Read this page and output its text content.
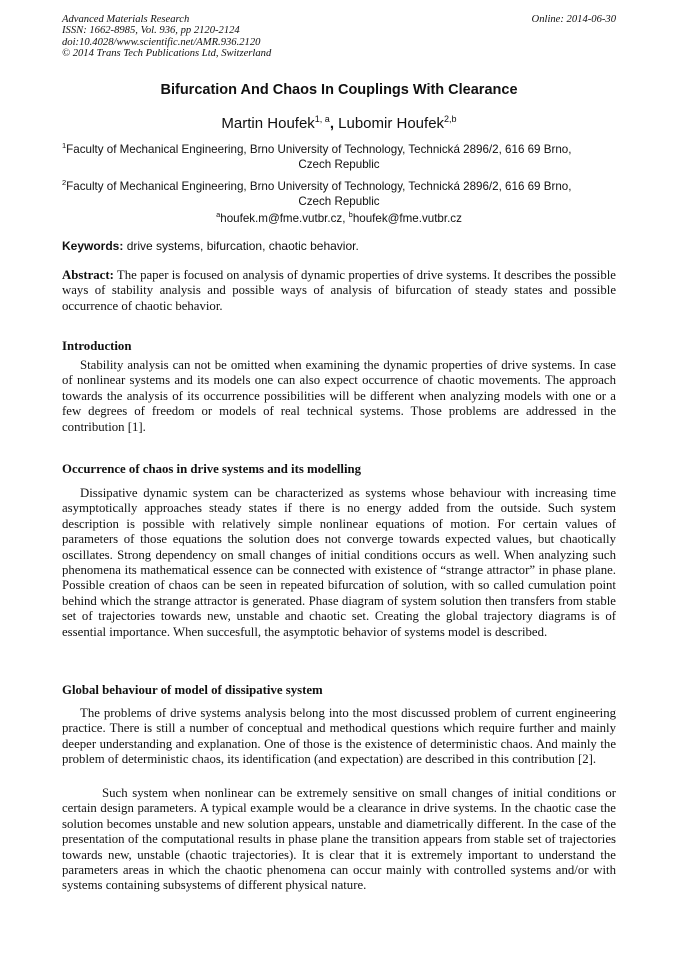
Advanced Materials Research
ISSN: 1662-8985, Vol. 936, pp 2120-2124
doi:10.4028/www.scientific.net/AMR.936.2120
© 2014 Trans Tech Publications Ltd, Switzerland
Online: 2014-06-30
Bifurcation And Chaos In Couplings With Clearance
Martin Houfek$^{1, a}$, Lubomir Houfek$^{2,b}$
$^1$Faculty of Mechanical Engineering, Brno University of Technology, Technická 2896/2, 616 69 Brno,
Czech Republic
$^2$Faculty of Mechanical Engineering, Brno University of Technology, Technická 2896/2, 616 69 Brno,
Czech Republic
$^a$houfek.m@fme.vutbr.cz, $^b$houfek@fme.vutbr.cz
Keywords: drive systems, bifurcation, chaotic behavior.

Abstract: The paper is focused on analysis of dynamic properties of drive systems. It describes the possible ways of stability analysis and possible ways of analysis of bifurcation of steady states and possible occurrence of chaotic behavior.

Introduction

Stability analysis can not be omitted when examining the dynamic properties of drive systems. In case of nonlinear systems and its models one can also expect occurrence of chaotic movements. The approach towards the analysis of its occurrence possibilities will be different when analyzing models with one or a few degrees of freedom or models of real technical systems. Those problems are addressed in the contribution [1].

Occurrence of chaos in drive systems and its modelling

Dissipative dynamic system can be characterized as systems whose behaviour with increasing time asymptotically approaches steady states if there is no energy added from the outside. Such system description is possible with relatively simple nonlinear equations of motion. For certain values of parameters of those equations the solution does not converge towards expected values, but chaotically oscillates. Strong dependency on small changes of initial conditions occurs as well. When analyzing such phenomena its mathematical essence can be connected with existence of “strange attractor” in phase plane. Possible creation of chaos can be seen in repeated bifurcation of solution, with so called cumulation point behind which the strange attractor is generated. Phase diagram of system solution then transfers from stable set of trajectories towards new, unstable and chaotic set. Creating the global trajectory diagrams is of essential importance. When succesfull, the asymptotic behavior of systems model is described.

Global behaviour of model of dissipative system

The problems of drive systems analysis belong into the most discussed problem of current engineering practice. There is still a number of conceptual and methodical questions which require further and mainly deeper understanding and explanation. One of those is the existence of deterministic chaos. And mainly the problem of deterministic chaos, its identification (and expectation) are described in this contribution [2].

Such system when nonlinear can be extremely sensitive on small changes of initial conditions or certain design parameters. A typical example would be a clearance in drive systems. In the chaotic case the solution becomes unstable and new solution appears, unstable and diametrically different. In the case of the presentation of the computational results in phase plane the transition appears from stable set of trajectories towards new, unstable (chaotic trajectories). It is clear that it is extremely important to understand the parameters areas in which the chaotic phenomena can occur mainly with controlled systems and/or with systems containing subsystems of different physical nature.
